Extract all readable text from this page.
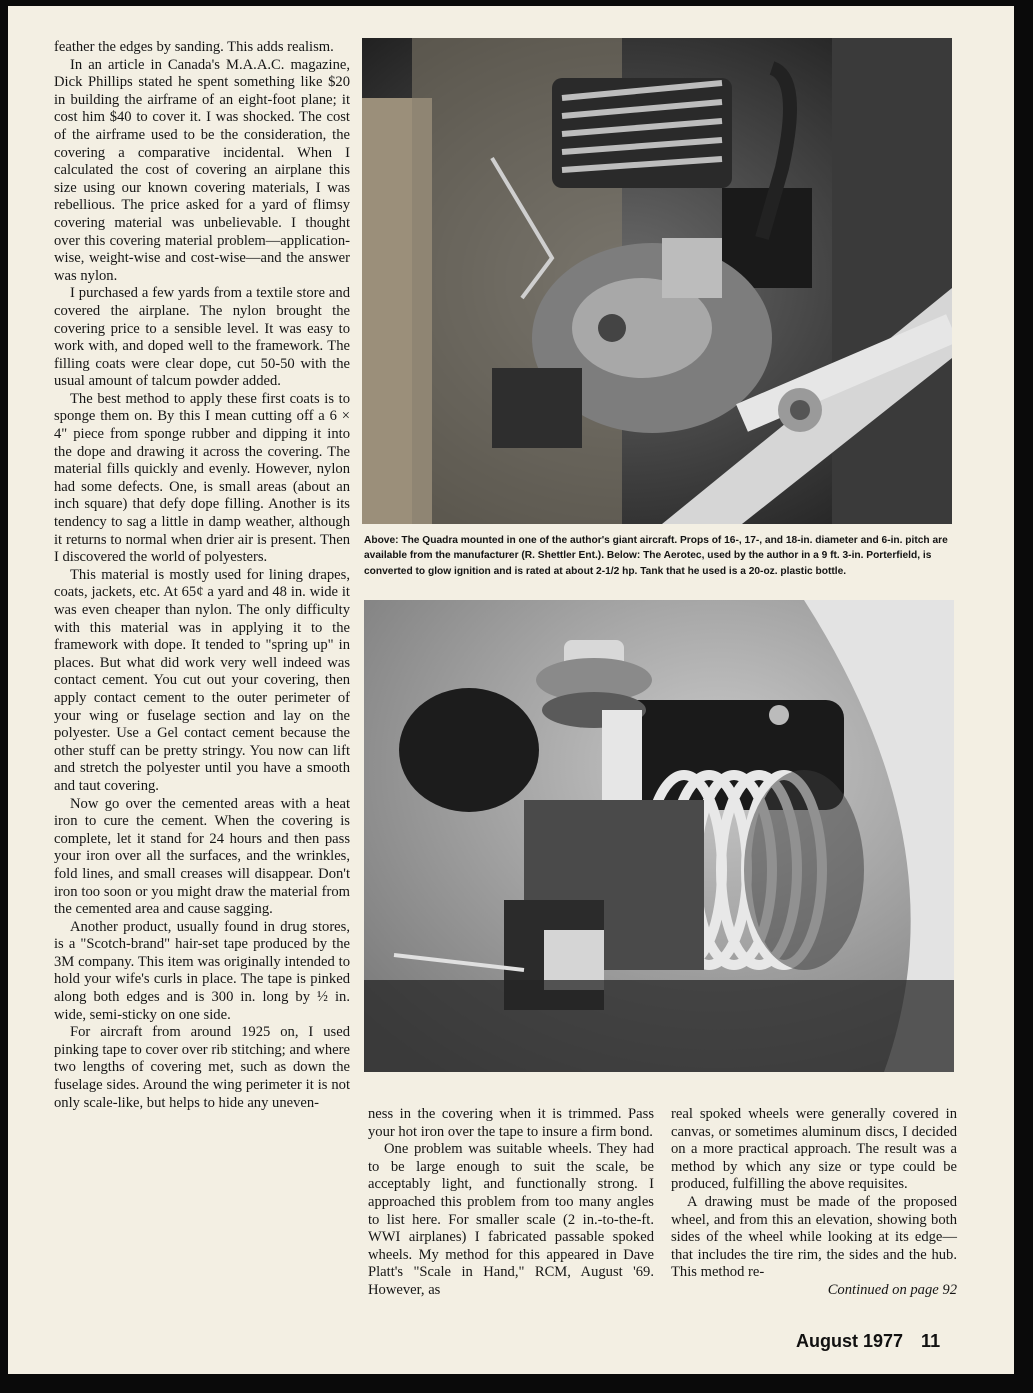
feather the edges by sanding. This adds realism.

In an article in Canada's M.A.A.C. magazine, Dick Phillips stated he spent something like $20 in building the airframe of an eight-foot plane; it cost him $40 to cover it. I was shocked. The cost of the airframe used to be the consideration, the covering a comparative incidental. When I calculated the cost of covering an airplane this size using our known covering materials, I was rebellious. The price asked for a yard of flimsy covering material was unbelievable. I thought over this covering material problem—application-wise, weight-wise and cost-wise—and the answer was nylon.

I purchased a few yards from a textile store and covered the airplane. The nylon brought the covering price to a sensible level. It was easy to work with, and doped well to the framework. The filling coats were clear dope, cut 50-50 with the usual amount of talcum powder added.

The best method to apply these first coats is to sponge them on. By this I mean cutting off a 6 × 4" piece from sponge rubber and dipping it into the dope and drawing it across the covering. The material fills quickly and evenly. However, nylon had some defects. One, is small areas (about an inch square) that defy dope filling. Another is its tendency to sag a little in damp weather, although it returns to normal when drier air is present. Then I discovered the world of polyesters.

This material is mostly used for lining drapes, coats, jackets, etc. At 65¢ a yard and 48 in. wide it was even cheaper than nylon. The only difficulty with this material was in applying it to the framework with dope. It tended to "spring up" in places. But what did work very well indeed was contact cement. You cut out your covering, then apply contact cement to the outer perimeter of your wing or fuselage section and lay on the polyester. Use a Gel contact cement because the other stuff can be pretty stringy. You now can lift and stretch the polyester until you have a smooth and taut covering.

Now go over the cemented areas with a heat iron to cure the cement. When the covering is complete, let it stand for 24 hours and then pass your iron over all the surfaces, and the wrinkles, fold lines, and small creases will disappear. Don't iron too soon or you might draw the material from the cemented area and cause sagging.

Another product, usually found in drug stores, is a "Scotch-brand" hair-set tape produced by the 3M company. This item was originally intended to hold your wife's curls in place. The tape is pinked along both edges and is 300 in. long by ½ in. wide, semi-sticky on one side.

For aircraft from around 1925 on, I used pinking tape to cover over rib stitching; and where two lengths of covering met, such as down the fuselage sides. Around the wing perimeter it is not only scale-like, but helps to hide any uneven-

Above: The Quadra mounted in one of the author's giant aircraft. Props of 16-, 17-, and 18-in. diameter and 6-in. pitch are available from the manufacturer (R. Shettler Ent.). Below: The Aerotec, used by the author in a 9 ft. 3-in. Porterfield, is converted to glow ignition and is rated at about 2-1/2 hp. Tank that he used is a 20-oz. plastic bottle.

ness in the covering when it is trimmed. Pass your hot iron over the tape to insure a firm bond.

One problem was suitable wheels. They had to be large enough to suit the scale, be acceptably light, and functionally strong. I approached this problem from too many angles to list here. For smaller scale (2 in.-to-the-ft. WWI airplanes) I fabricated passable spoked wheels. My method for this appeared in Dave Platt's "Scale in Hand," RCM, August '69. However, as

real spoked wheels were generally covered in canvas, or sometimes aluminum discs, I decided on a more practical approach. The result was a method by which any size or type could be produced, fulfilling the above requisites.

A drawing must be made of the proposed wheel, and from this an elevation, showing both sides of the wheel while looking at its edge—that includes the tire rim, the sides and the hub. This method re-

Continued on page 92

August 1977 11
